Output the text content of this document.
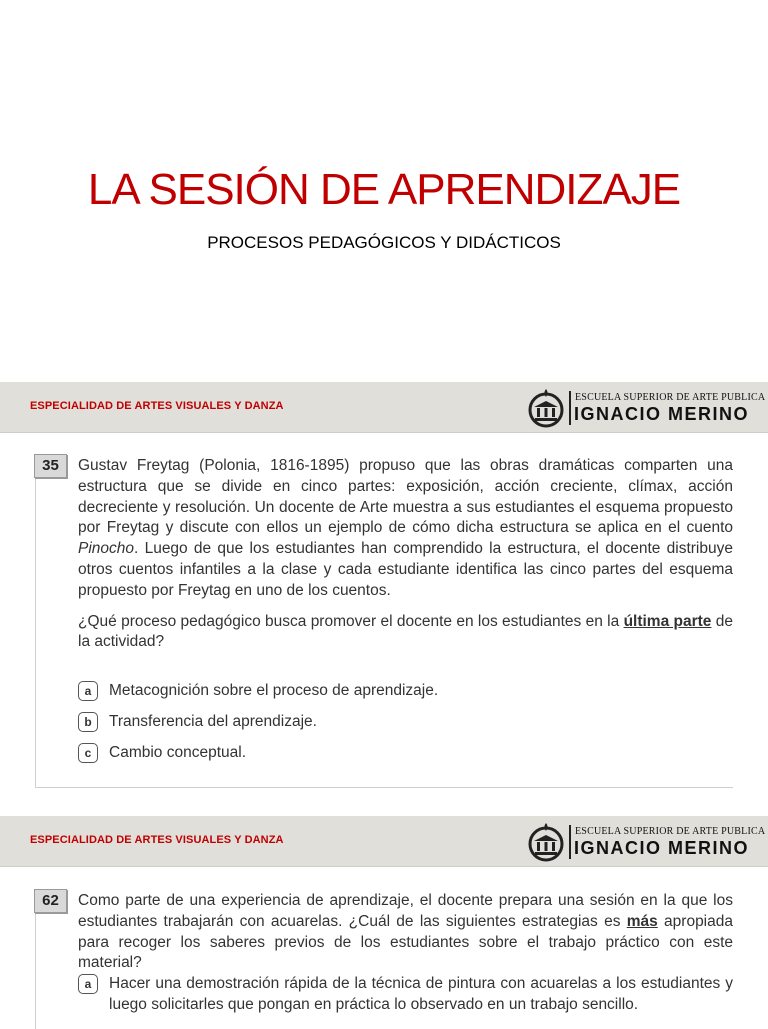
LA SESIÓN DE APRENDIZAJE
PROCESOS PEDAGÓGICOS Y DIDÁCTICOS
ESPECIALIDAD DE ARTES VISUALES Y DANZA
ESCUELA SUPERIOR DE ARTE PUBLICA
IGNACIO MERINO
35	Gustav Freytag (Polonia, 1816-1895) propuso que las obras dramáticas comparten una estructura que se divide en cinco partes: exposición, acción creciente, clímax, acción decreciente y resolución. Un docente de Arte muestra a sus estudiantes el esquema propuesto por Freytag y discute con ellos un ejemplo de cómo dicha estructura se aplica en el cuento Pinocho. Luego de que los estudiantes han comprendido la estructura, el docente distribuye otros cuentos infantiles a la clase y cada estudiante identifica las cinco partes del esquema propuesto por Freytag en uno de los cuentos.

¿Qué proceso pedagógico busca promover el docente en los estudiantes en la última parte de la actividad?

a	Metacognición sobre el proceso de aprendizaje.
b	Transferencia del aprendizaje.
c	Cambio conceptual.
ESPECIALIDAD DE ARTES VISUALES Y DANZA
ESCUELA SUPERIOR DE ARTE PUBLICA
IGNACIO MERINO
62	Como parte de una experiencia de aprendizaje, el docente prepara una sesión en la que los estudiantes trabajarán con acuarelas. ¿Cuál de las siguientes estrategias es más apropiada para recoger los saberes previos de los estudiantes sobre el trabajo práctico con este material?

a	Hacer una demostración rápida de la técnica de pintura con acuarelas a los estudiantes y luego solicitarles que pongan en práctica lo observado en un trabajo sencillo.
